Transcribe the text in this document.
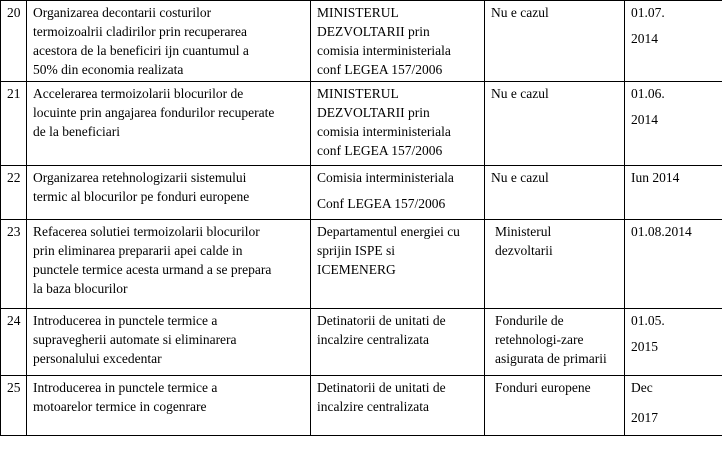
20	Organizarea decontarii costurilor
termoizoalrii cladirilor prin recuperarea
acestora de la beneficiri ijn cuantumul a
50% din economia realizata	MINISTERUL
DEZVOLTARII prin
comisia interministeriala
conf LEGEA 157/2006	Nu e cazul	01.07.
2014

21	Accelerarea termoizolarii blocurilor de
locuinte prin angajarea fondurilor recuperate
de la beneficiari	MINISTERUL
DEZVOLTARII prin
comisia interministeriala
conf LEGEA 157/2006	Nu e cazul	01.06.
2014

22	Organizarea retehnologizarii sistemului
termic al blocurilor pe fonduri europene	Comisia interministeriala
Conf LEGEA 157/2006	Nu e cazul	Iun 2014

23	Refacerea solutiei termoizolarii blocurilor
prin eliminarea prepararii apei calde in
punctele termice acesta urmand a se prepara
la baza blocurilor	Departamentul energiei cu
sprijin ISPE si
ICEMENERG	Ministerul
dezvoltarii	01.08.2014

24	Introducerea in punctele termice a
supravegherii automate si eliminarera
personalului excedentar	Detinatorii de unitati de
incalzire centralizata	Fondurile de
retehnologi-zare
asigurata de primarii	01.05.
2015

25	Introducerea in punctele termice a
motoarelor termice in cogenrare	Detinatorii de unitati de
incalzire centralizata	Fonduri europene	Dec
2017
